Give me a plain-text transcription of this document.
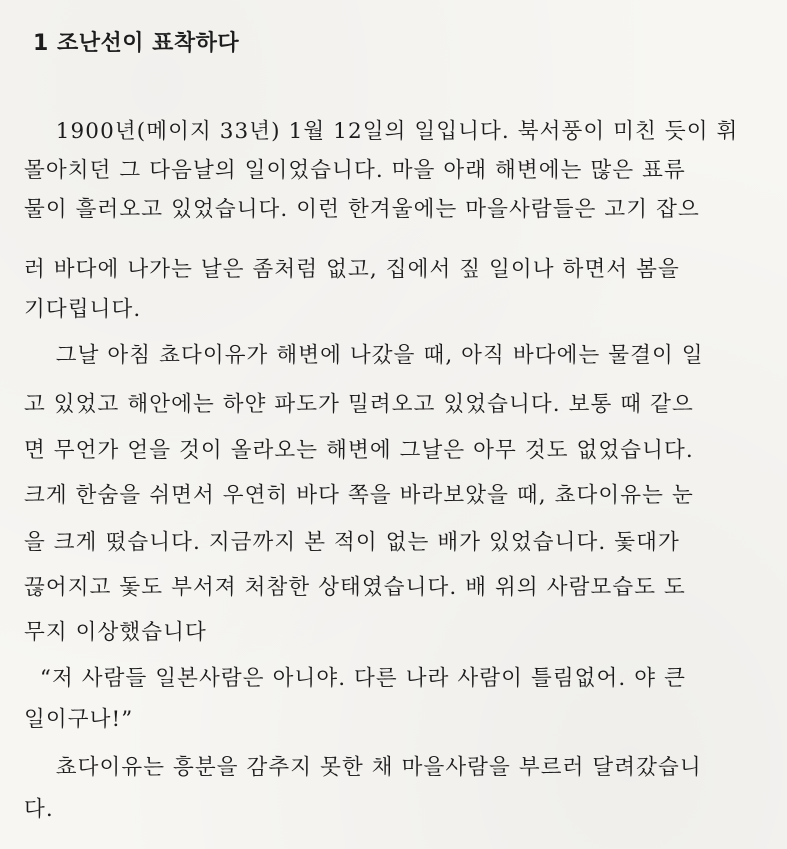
1 조난선이 표착하다
1900년(메이지 33년) 1월 12일의 일입니다. 북서풍이 미친 듯이 휘
몰아치던 그 다음날의 일이었습니다. 마을 아래 해변에는 많은 표류
물이 흘러오고 있었습니다. 이런 한겨울에는 마을사람들은 고기 잡으
러 바다에 나가는 날은 좀처럼 없고, 집에서 짚 일이나 하면서 봄을
기다립니다.
그날 아침 쵸다이유가 해변에 나갔을 때, 아직 바다에는 물결이 일
고 있었고 해안에는 하얀 파도가 밀려오고 있었습니다. 보통 때 같으
면 무언가 얻을 것이 올라오는 해변에 그날은 아무 것도 없었습니다.
크게 한숨을 쉬면서 우연히 바다 쪽을 바라보았을 때, 쵸다이유는 눈
을 크게 떴습니다. 지금까지 본 적이 없는 배가 있었습니다. 돛대가
끊어지고 돛도 부서져 처참한 상태였습니다. 배 위의 사람모습도 도
무지 이상했습니다
“저 사람들 일본사람은 아니야. 다른 나라 사람이 틀림없어. 야 큰
일이구나!”
쵸다이유는 흥분을 감추지 못한 채 마을사람을 부르러 달려갔습니
다.
